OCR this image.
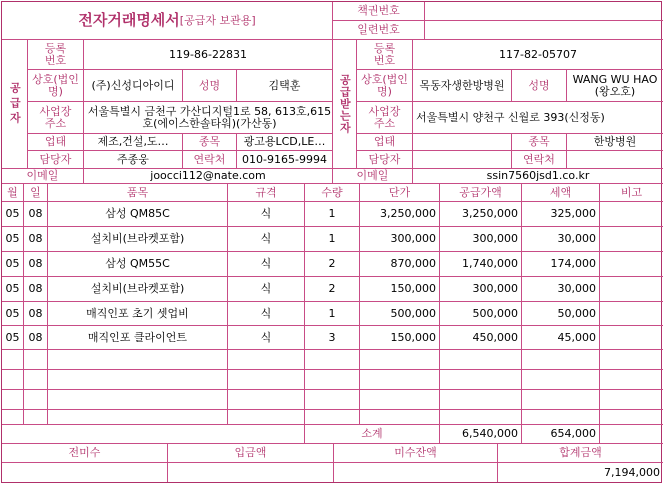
전자거래명세서 [공급자 보관용]
책권번호
일련번호
공급자
등록번호	119-86-22831
상호(법인명)	(주)신성디아이디	성명	김택훈
사업장주소
서울특별시 금천구 가산디지털1로 58, 613호,615호(에이스한솔타워)(가산동)
업태	제조,건설,도…	종목	광고용LCD,LE…
담당자	주종웅	연락처	010-9165-9994
이메일	joocci112@nate.com
공급받는자
등록번호	117-82-05707
상호(법인명)	목동자생한방병원	성명	WANG WU HAO(왕오호)
사업장주소	서울특별시 양천구 신월로 393(신정동)
업태	종목	한방병원
담당자	연락처
이메일	ssin7560jsd1.co.kr
월	일	품목	규격	수량	단가	공급가액	세액	비고
05 08	삼성 QM85C	식	1	3,250,000	3,250,000	325,000
05 08	설치비(브라켓포함)	식	1	300,000	300,000	30,000
05 08	삼성 QM55C	식	2	870,000	1,740,000	174,000
05 08	설치비(브라켓포함)	식	2	150,000	300,000	30,000
05 08	매직인포 초기 셋업비	식	1	500,000	500,000	50,000
05 08	매직인포 클라이언트	식	3	150,000	450,000	45,000
소계	6,540,000	654,000
전미수	입금액	미수잔액	합계금액
7,194,000
